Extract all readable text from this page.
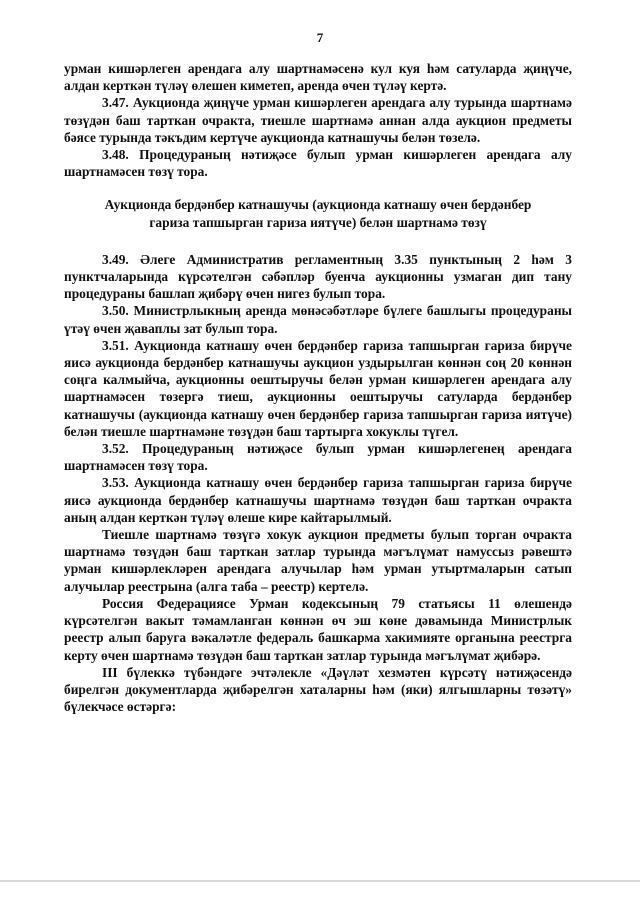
7

урман кишәрлеген арендага алу шартнамәсенә кул куя һәм сатуларда җиңүче, алдан керткән түләү өлешен киметеп, аренда өчен түләү кертә.

3.47. Аукционда җиңүче урман кишәрлеген арендага алу турында шартнамә төзүдән баш тарткан очракта, тиешле шартнамә аннан алда аукцион предметы бәясе турында тәкъдим кертүче аукционда катнашучы белән төзелә.

3.48. Процедураның нәтиҗәсе булып урман кишәрлеген арендага алу шартнамәсен төзү тора.

Аукционда бердәнбер катнашучы (аукционда катнашу өчен бердәнбер гариза тапшырган гариза иятүче) белән шартнамә төзү

3.49. Әлеге Административ регламентның 3.35 пунктының 2 һәм 3 пунктчаларында күрсәтелгән сәбәпләр буенча аукционны узмаган дип тану процедураны башлап җибәрү өчен нигез булып тора.

3.50. Министрлыкның аренда мөнәсәбәтләре бүлеге башлыгы процедураны үтәү өчен җаваплы зат булып тора.

3.51. Аукционда катнашу өчен бердәнбер гариза тапшырган гариза бирүче яисә аукционда бердәнбер катнашучы аукцион уздырылган көннән соң 20 көннән соңга калмыйча, аукционны оештыручы белән урман кишәрлеген арендага алу шартнамәсен төзергә тиеш, аукционны оештыручы сатуларда бердәнбер катнашучы (аукционда катнашу өчен бердәнбер гариза тапшырган гариза иятүче) белән тиешле шартнамәне төзүдән баш тартырга хокуклы түгел.

3.52. Процедураның нәтиҗәсе булып урман кишәрлегенең арендага шартнамәсен төзү тора.

3.53. Аукционда катнашу өчен бердәнбер гариза тапшырган гариза бирүче яисә аукционда бердәнбер катнашучы шартнамә төзүдән баш тарткан очракта аның алдан керткән түләү өлеше кире кайтарылмый.

Тиешле шартнамә төзүгә хокук аукцион предметы булып торган очракта шартнамә төзүдән баш тарткан затлар турында мәгълүмат намуссыз рәвештә урман кишәрлекләрен арендага алучылар һәм урман утыртмаларын сатып алучылар реестрына (алга таба – реестр) кертелә.

Россия Федерациясе Урман кодексының 79 статьясы 11 өлешендә күрсәтелгән вакыт тәмамланган көннән өч эш көне дәвамында Министрлык реестр алып баруга вәкаләтле федераль башкарма хакимияте органына реестрга керту өчен шартнамә төзүдән баш тарткан затлар турында мәгълүмат җибәрә.

III бүлеккә түбәндәге эчтәлекле «Дәүләт хезмәтен күрсәтү нәтиҗәсендә бирелгән документларда җибәрелгән хаталарны һәм (яки) ялгышларны төзәтү» бүлекчәсе өстәргә:
